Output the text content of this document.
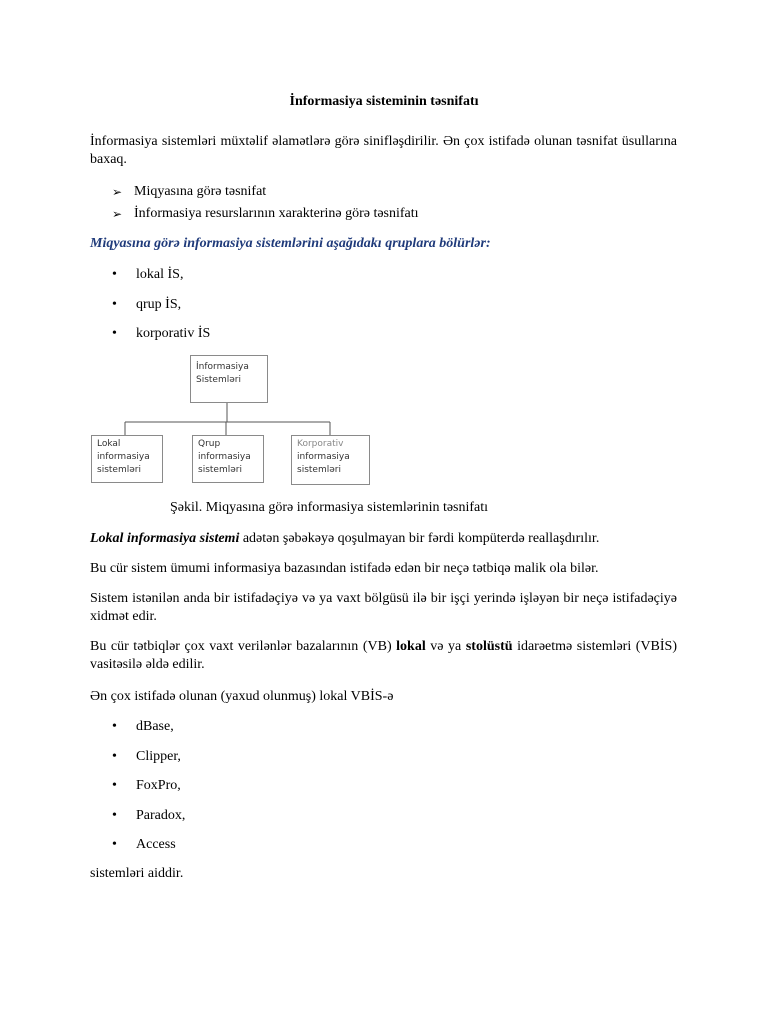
İnformasiya sisteminin təsnifatı

İnformasiya sistemləri müxtəlif əlamətlərə görə sinifləşdirilir. Ən çox istifadə olunan təsnifat üsullarına baxaq.

➢ Miqyasına görə təsnifat
➢ İnformasiya resurslarının xarakterinə görə təsnifatı

Miqyasına görə informasiya sistemlərini aşağıdakı qruplara bölürlər:

•	lokal İS,
•	qrup İS,
•	korporativ İS
İnformasiya
Sistemləri
Lokal
informasiya
sistemləri
Qrup
informasiya
sistemləri
Korporativ
informasiya
sistemləri

Şəkil. Miqyasına görə informasiya sistemlərinin təsnifatı

Lokal informasiya sistemi adətən şəbəkəyə qoşulmayan bir fərdi kompüterdə reallaşdırılır.

Bu cür sistem ümumi informasiya bazasından istifadə edən bir neçə tətbiqə malik ola bilər.

Sistem istənilən anda bir istifadəçiyə və ya vaxt bölgüsü ilə bir işçi yerində işləyən bir neçə istifadəçiyə xidmət edir.

Bu cür tətbiqlər çox vaxt verilənlər bazalarının (VB) lokal və ya stolüstü idarəetmə sistemləri (VBİS) vasitəsilə əldə edilir.

Ən çox istifadə olunan (yaxud olunmuş) lokal VBİS-ə

•	dBase,
•	Clipper,
•	FoxPro,
•	Paradox,
•	Access

sistemləri aiddir.
